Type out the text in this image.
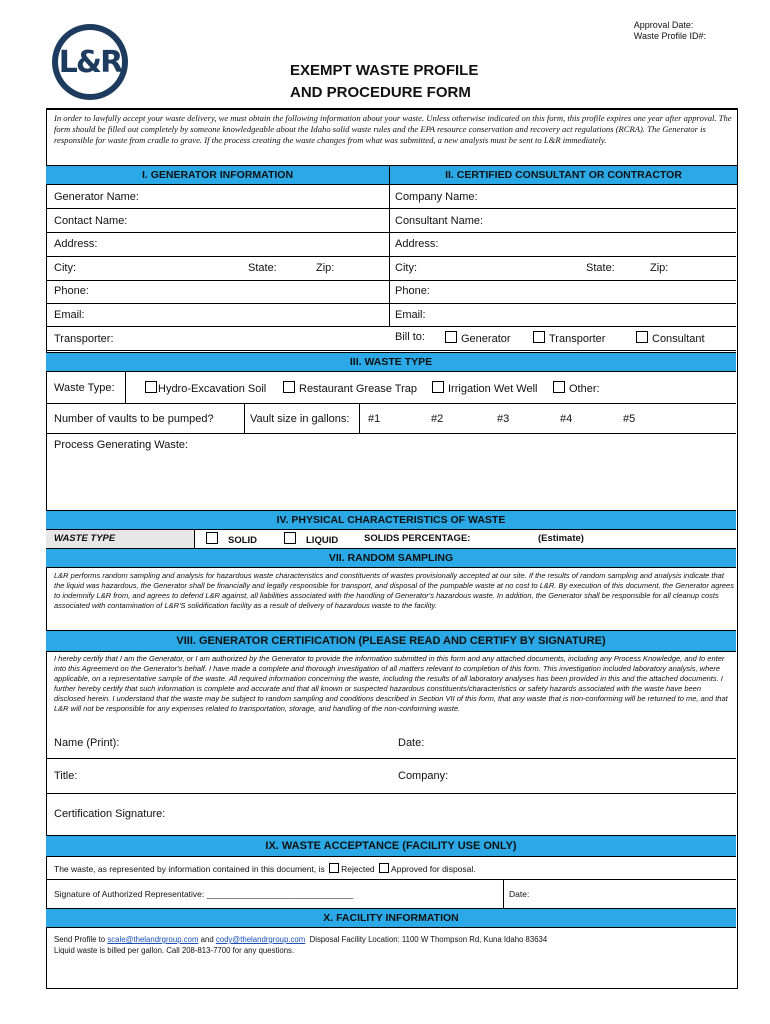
L&R
Approval Date:
Waste Profile ID#:
EXEMPT WASTE PROFILE
AND PROCEDURE FORM
In order to lawfully accept your waste delivery, we must obtain the following information about your waste. Unless otherwise indicated on this form, this profile expires one year after approval. The form should be filled out completely by someone knowledgeable about the Idaho solid waste rules and the EPA resource conservation and recovery act regulations (RCRA). The Generator is responsible for waste from cradle to grave. If the process creating the waste changes from what was submitted, a new analysis must be sent to L&R immediately.
I. GENERATOR INFORMATION	II. CERTIFIED CONSULTANT OR CONTRACTOR
Generator Name:	Company Name:
Contact Name:	Consultant Name:
Address:	Address:
City:	State:	Zip:	City:	State:	Zip:
Phone:	Phone:
Email:	Email:
Transporter:	Bill to:	Generator	Transporter	Consultant
III. WASTE TYPE
Waste Type:	Hydro-Excavation Soil	Restaurant Grease Trap	Irrigation Wet Well	Other:
Number of vaults to be pumped?	Vault size in gallons: #1	#2	#3	#4	#5
Process Generating Waste:
IV. PHYSICAL CHARACTERISTICS OF WASTE
WASTE TYPE	SOLID	LIQUID	SOLIDS PERCENTAGE:	(Estimate)
VII. RANDOM SAMPLING
L&R performs random sampling and analysis for hazardous waste characteristics and constituents of wastes provisionally accepted at our site. If the results of random sampling and analysis indicate that the liquid was hazardous, the Generator shall be financially and legally responsible for transport, and disposal of the pumpable waste at no cost to L&R. By execution of this document, the Generator agrees to indemnify L&R from, and agrees to defend L&R against, all liabilities associated with the handling of Generator's hazardous waste. In addition, the Generator shall be responsible for all cleanup costs associated with contamination of L&R'S solidification facility as a result of delivery of hazardous waste to the facility.
VIII. GENERATOR CERTIFICATION (PLEASE READ AND CERTIFY BY SIGNATURE)
I hereby certify that I am the Generator, or I am authorized by the Generator to provide the information submitted in this form and any attached documents, including any Process Knowledge, and to enter into this Agreement on the Generator's behalf. I have made a complete and thorough investigation of all matters relevant to completion of this form. This investigation included laboratory analysis, where applicable, on a representative sample of the waste. All required information concerning the waste, including the results of all laboratory analyses has been provided in this and the attached documents. I further hereby certify that such information is complete and accurate and that all known or suspected hazardous constituents/characteristics or safety hazards associated with the waste have been disclosed herein. I understand that the waste may be subject to random sampling and conditions described in Section VII of this form, that any waste that is non-conforming will be returned to me, and that L&R will not be responsible for any expenses related to transportation, storage, and handling of the non-conforming waste.
Name (Print):	Date:
Title:	Company:
Certification Signature:
IX. WASTE ACCEPTANCE (FACILITY USE ONLY)
The waste, as represented by information contained in this document, is Rejected Approved for disposal.
Signature of Authorized Representative: _______________________________	Date:
X. FACILITY INFORMATION
Send Profile to scale@thelandrgroup.com and cody@thelandrgroup.com Disposal Facility Location: 1100 W Thompson Rd, Kuna Idaho 83634
Liquid waste is billed per gallon. Call 208-813-7700 for any questions.
